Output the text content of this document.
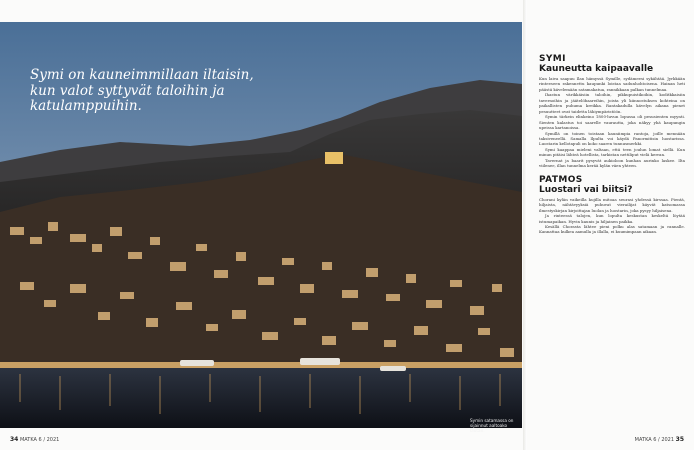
Symi on kauneimmillaan iltaisin, kun valot syttyvät taloihin ja katulamppuihin.

Symin satamassa on sijainnut aaltoako lautan.

SYMI

Kauneutta kaipaavalle

Kun laiva saapuu Ilan hämyssä Symille, sydämeesi sykähtää. Jyrkkään rinteeseen rakennettu kaupunki loistaa sadunhohtoisena. Hainan heti päästä kävelemään satamakatua, rannikkaan palkan tunnelmaa.

Ihastun värikkäisiin taloihin, pikkupuistikoihin, koditkkaisiin tavernoihin ja jäätelöbaareihin, joista yli kiinnostuksen kohteina on paikallisten puhuma kreikka. Rantakadulla kävelyn aikana pienet pesuutteet ovat taidetta lähiympäristöön.

Symin tärkein elinkeino 1800-luvun lopussa oli pesusienten myynti. Sienten kalastus toi saarelle vaurautta, joka näkyy yhä kaupungin upeissa kartanoissa.

Symillä on toinen toistaan kauniimpia rantoja, joille mennään taksiveneellä. Samalla Ilpulta voi käydä Panormitisin luostarissa. Luostarin kellotapuli on koko saaren tunnusmerkki.

Symi kaappaa mieleni valtaan, että teen joulun lomat siellä. Kun minun pitäisi lähteä hotellista, tarkistan nettiliput vielä kerran.

Tavernat ja baarit pysyvät aukioloon kunhan aurinko laskee. Ilta viilenee, illan tunnelma kerää kylän väen yhteen.

PATMOS

Luostari vai biitsi?

Chorani kylän vaikeilla kujilla mitoaa seurasi yhdessä kirssaa. Pientä, hiljaista, nähtävyyksiä puhuvat vierailijat käyvät katsomassa ilmestyskirjan kirjoittajan luolan ja luostarin, joka pysyy hiljaisena.

Ja rinteessä talojen, kun lopulta keskustan keskeltä löytää istumapaikan. Hyvin kaunis ja hiljainen paikka.

Kesällä Chorasta lähtee pieni polku alas satamaan ja rannalle. Kannattaa kulkea aamulla ja illalla, ei kuumimpaan aikaan.

34 MATKA 6 / 2021	MATKA 6 / 2021 35
